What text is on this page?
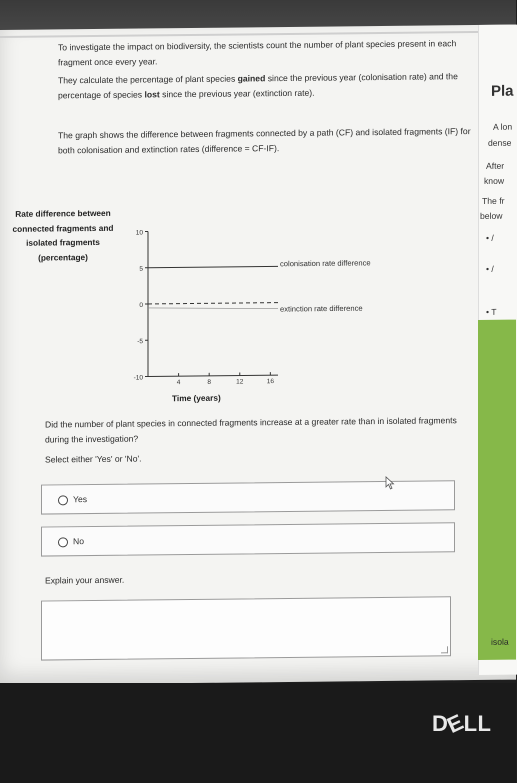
To investigate the impact on biodiversity, the scientists count the number of plant species present in each fragment once every year.
They calculate the percentage of plant species gained since the previous year (colonisation rate) and the percentage of species lost since the previous year (extinction rate).
The graph shows the difference between fragments connected by a path (CF) and isolated fragments (IF) for both colonisation and extinction rates (difference = CF-IF).
Rate difference between connected fragments and isolated fragments (percentage)
10
5
0
-5
-10
4	8	12	16
colonisation rate difference
extinction rate difference
Time (years)
Did the number of plant species in connected fragments increase at a greater rate than in isolated fragments during the investigation?
Select either 'Yes' or 'No'.
Yes
No
Explain your answer.
Pla
A lon
dense
After
know
The fr
below
• /
• /
• T
isola
DELL
